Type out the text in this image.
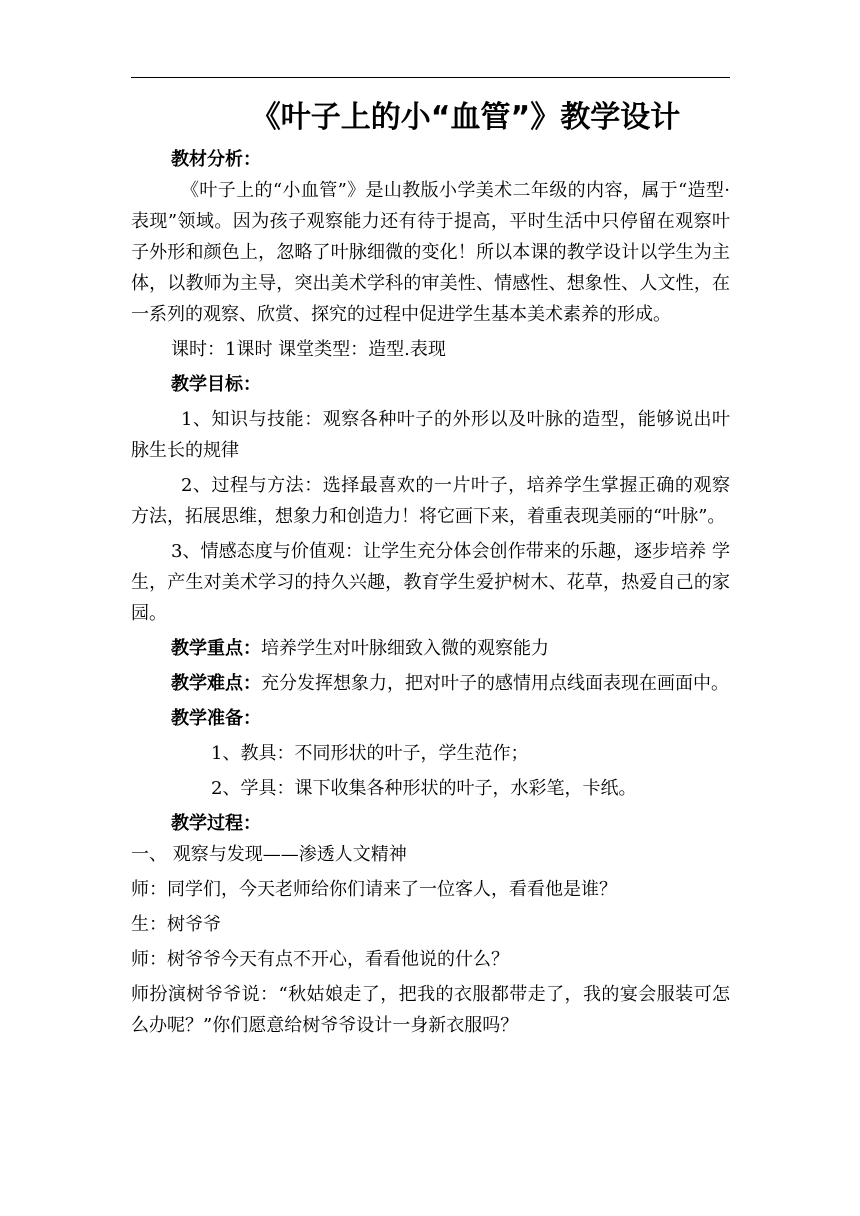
《叶子上的小“血管”》教学设计

教材分析：

《叶子上的“小血管”》是山教版小学美术二年级的内容，属于“造型·表现”领域。因为孩子观察能力还有待于提高，平时生活中只停留在观察叶子外形和颜色上，忽略了叶脉细微的变化！所以本课的教学设计以学生为主体，以教师为主导，突出美术学科的审美性、情感性、想象性、人文性，在一系列的观察、欣赏、探究的过程中促进学生基本美术素养的形成。

课时：1课时 课堂类型：造型.表现

教学目标：

1、知识与技能：观察各种叶子的外形以及叶脉的造型，能够说出叶脉生长的规律

2、过程与方法：选择最喜欢的一片叶子，培养学生掌握正确的观察 方法，拓展思维，想象力和创造力！将它画下来，着重表现美丽的“叶脉”。

3、情感态度与价值观：让学生充分体会创作带来的乐趣，逐步培养 学生，产生对美术学习的持久兴趣，教育学生爱护树木、花草，热爱自己的家园。

教学重点：培养学生对叶脉细致入微的观察能力

教学难点：充分发挥想象力，把对叶子的感情用点线面表现在画面中。

教学准备：

1、教具：不同形状的叶子，学生范作；

2、学具：课下收集各种形状的叶子，水彩笔，卡纸。

教学过程：

一、 观察与发现——渗透人文精神

师：同学们，今天老师给你们请来了一位客人，看看他是谁？

生：树爷爷

师：树爷爷今天有点不开心，看看他说的什么？

师扮演树爷爷说：“秋姑娘走了，把我的衣服都带走了，我的宴会服装可怎么办呢？”你们愿意给树爷爷设计一身新衣服吗？
